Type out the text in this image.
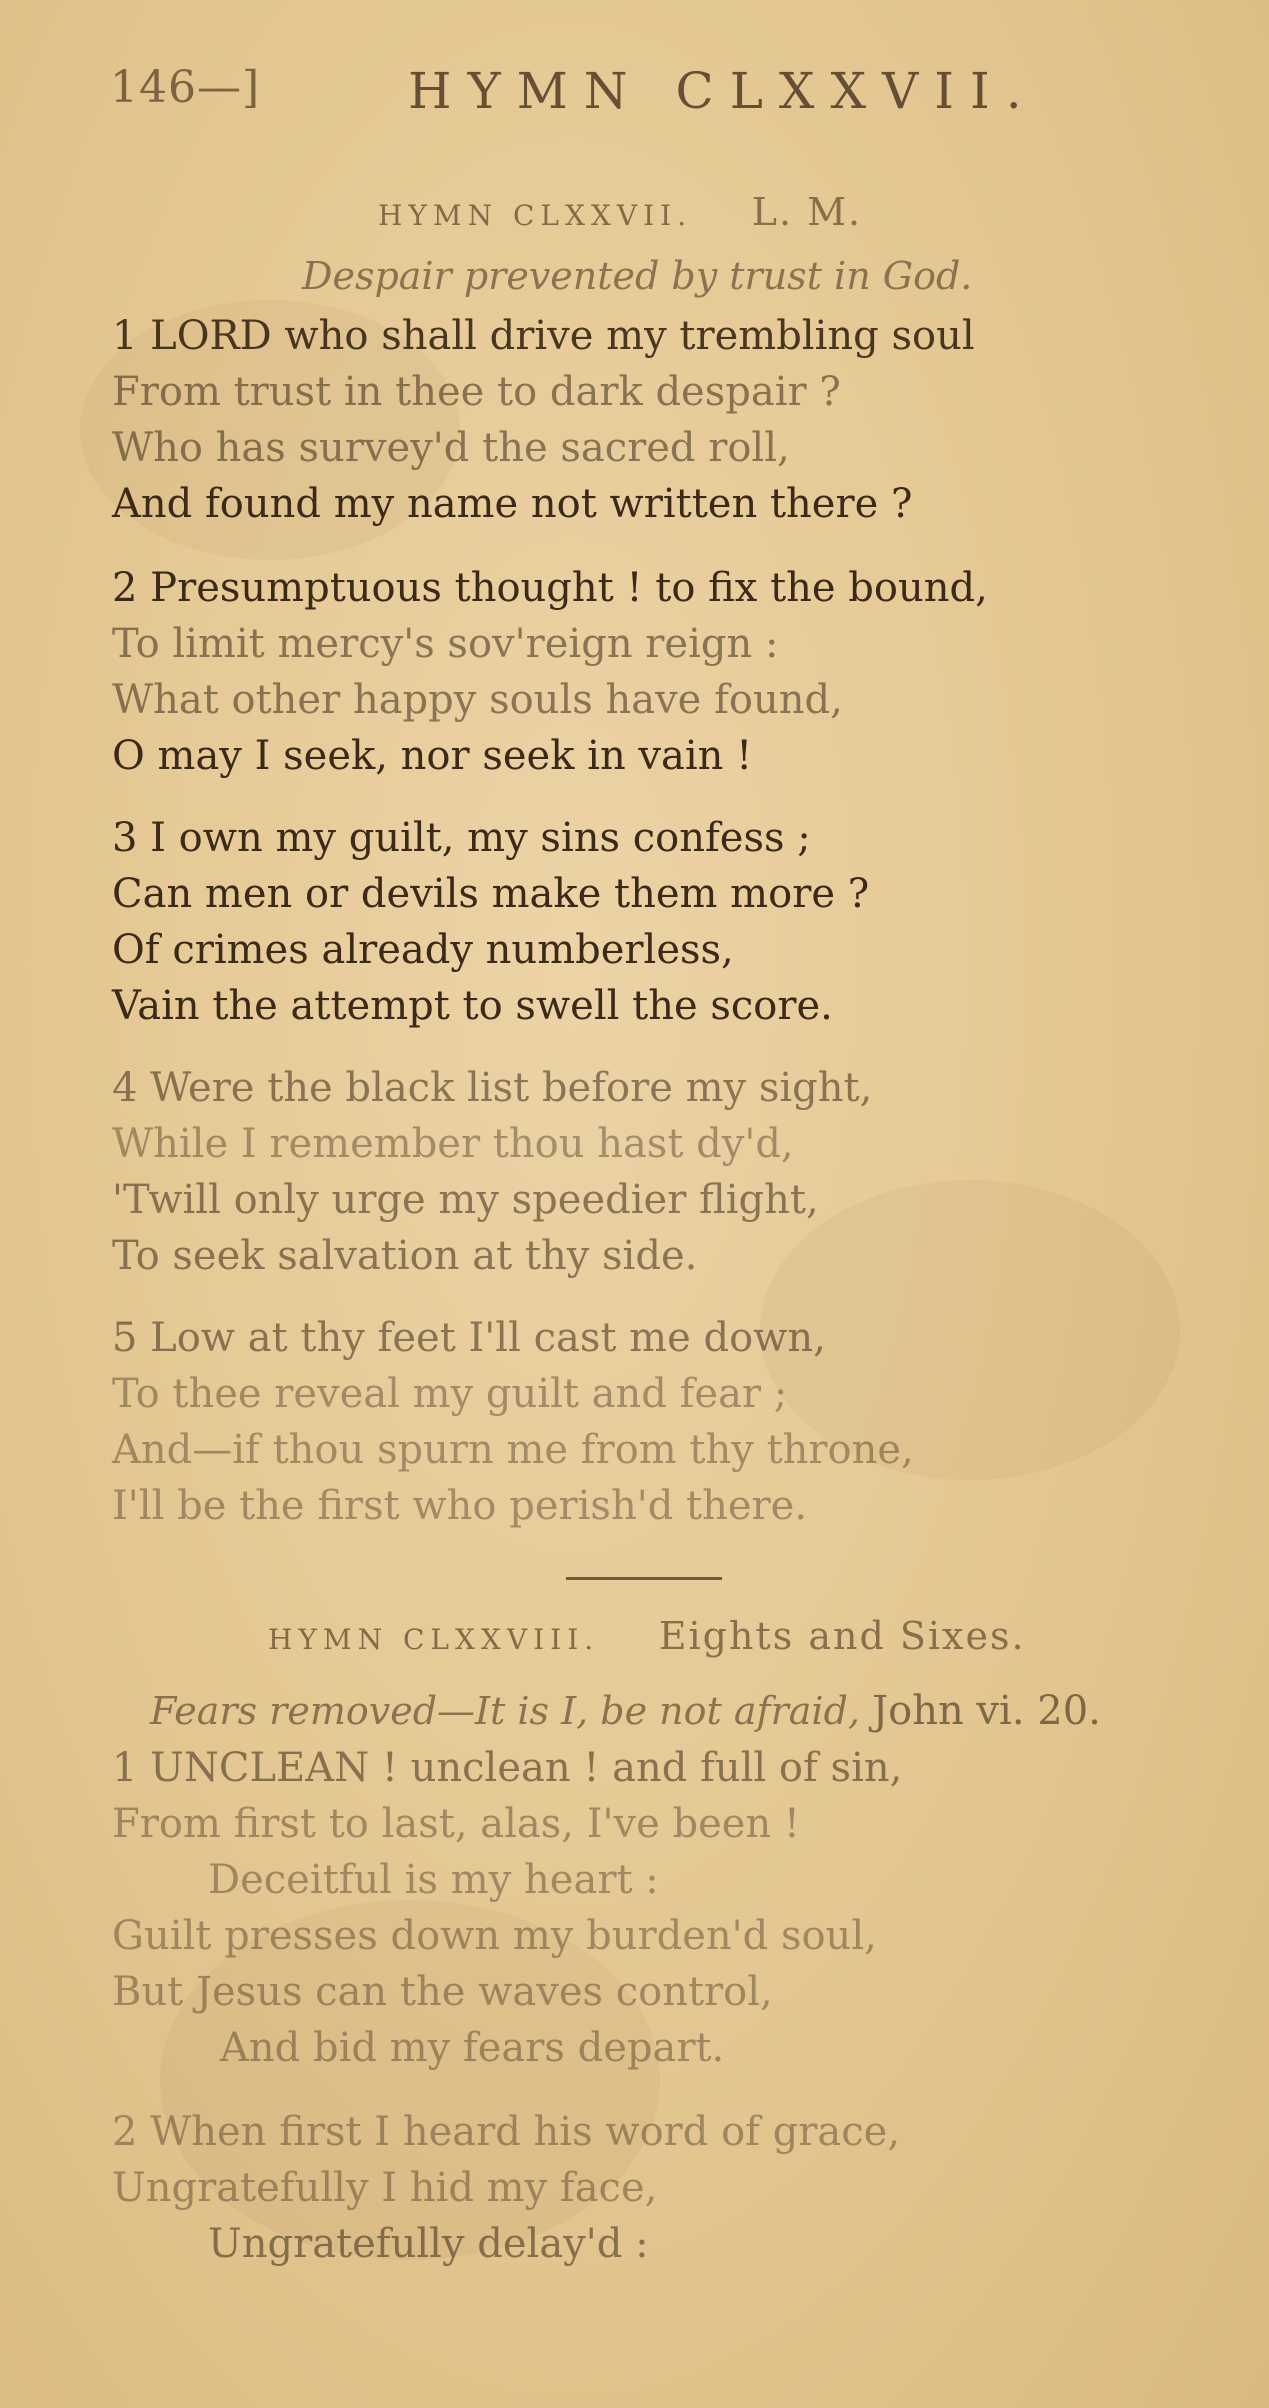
146—]	HYMN CLXXVII.
HYMN CLXXVII. L. M.
Despair prevented by trust in God.
1 LORD who shall drive my trembling soul
From trust in thee to dark despair ?
Who has survey'd the sacred roll,
And found my name not written there ?
2 Presumptuous thought ! to fix the bound,
To limit mercy's sov'reign reign :
What other happy souls have found,
O may I seek, nor seek in vain !
3 I own my guilt, my sins confess ;
Can men or devils make them more ?
Of crimes already numberless,
Vain the attempt to swell the score.
4 Were the black list before my sight,
While I remember thou hast dy'd,
'Twill only urge my speedier flight,
To seek salvation at thy side.
5 Low at thy feet I'll cast me down,
To thee reveal my guilt and fear ;
And—if thou spurn me from thy throne,
I'll be the first who perish'd there.
HYMN CLXXVIII. Eights and Sixes.
Fears removed—It is I, be not afraid, John vi. 20.
1 UNCLEAN ! unclean ! and full of sin,
From first to last, alas, I've been !
Deceitful is my heart :
Guilt presses down my burden'd soul,
But Jesus can the waves control,
And bid my fears depart.
2 When first I heard his word of grace,
Ungratefully I hid my face,
Ungratefully delay'd :
